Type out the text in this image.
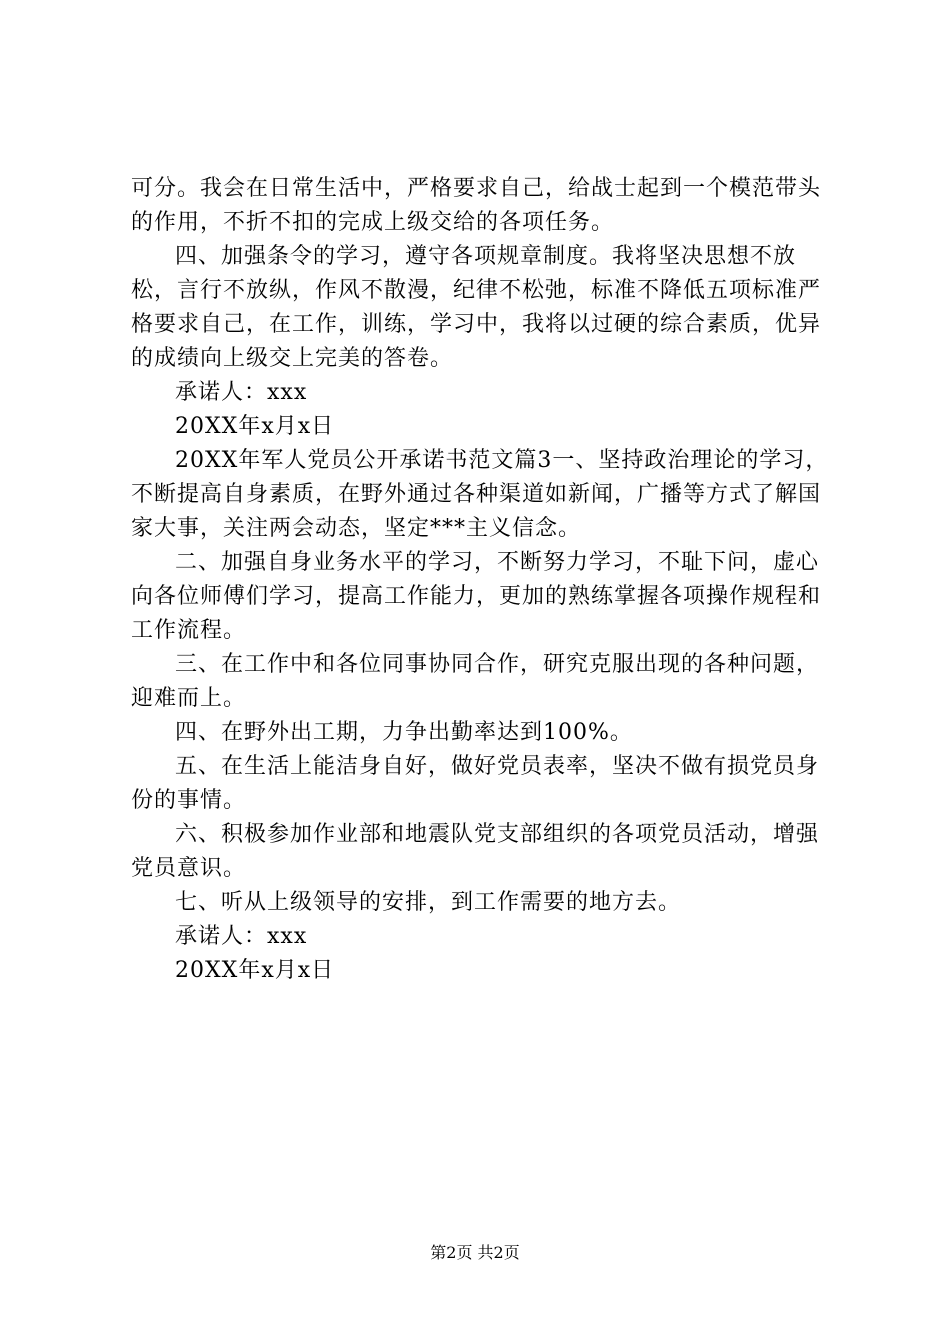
可分。我会在日常生活中，严格要求自己，给战士起到一个模范带头的作用，不折不扣的完成上级交给的各项任务。

四、加强条令的学习，遵守各项规章制度。我将坚决思想不放松，言行不放纵，作风不散漫，纪律不松弛，标准不降低五项标准严格要求自己，在工作，训练，学习中，我将以过硬的综合素质，优异的成绩向上级交上完美的答卷。

承诺人：xxx

20XX年x月x日

20XX年军人党员公开承诺书范文篇3一、坚持政治理论的学习，不断提高自身素质，在野外通过各种渠道如新闻，广播等方式了解国家大事，关注两会动态，坚定***主义信念。

二、加强自身业务水平的学习，不断努力学习，不耻下问，虚心向各位师傅们学习，提高工作能力，更加的熟练掌握各项操作规程和工作流程。

三、在工作中和各位同事协同合作，研究克服出现的各种问题，迎难而上。

四、在野外出工期，力争出勤率达到100%。

五、在生活上能洁身自好，做好党员表率，坚决不做有损党员身份的事情。

六、积极参加作业部和地震队党支部组织的各项党员活动，增强党员意识。

七、听从上级领导的安排，到工作需要的地方去。

承诺人：xxx

20XX年x月x日

第2页 共2页
